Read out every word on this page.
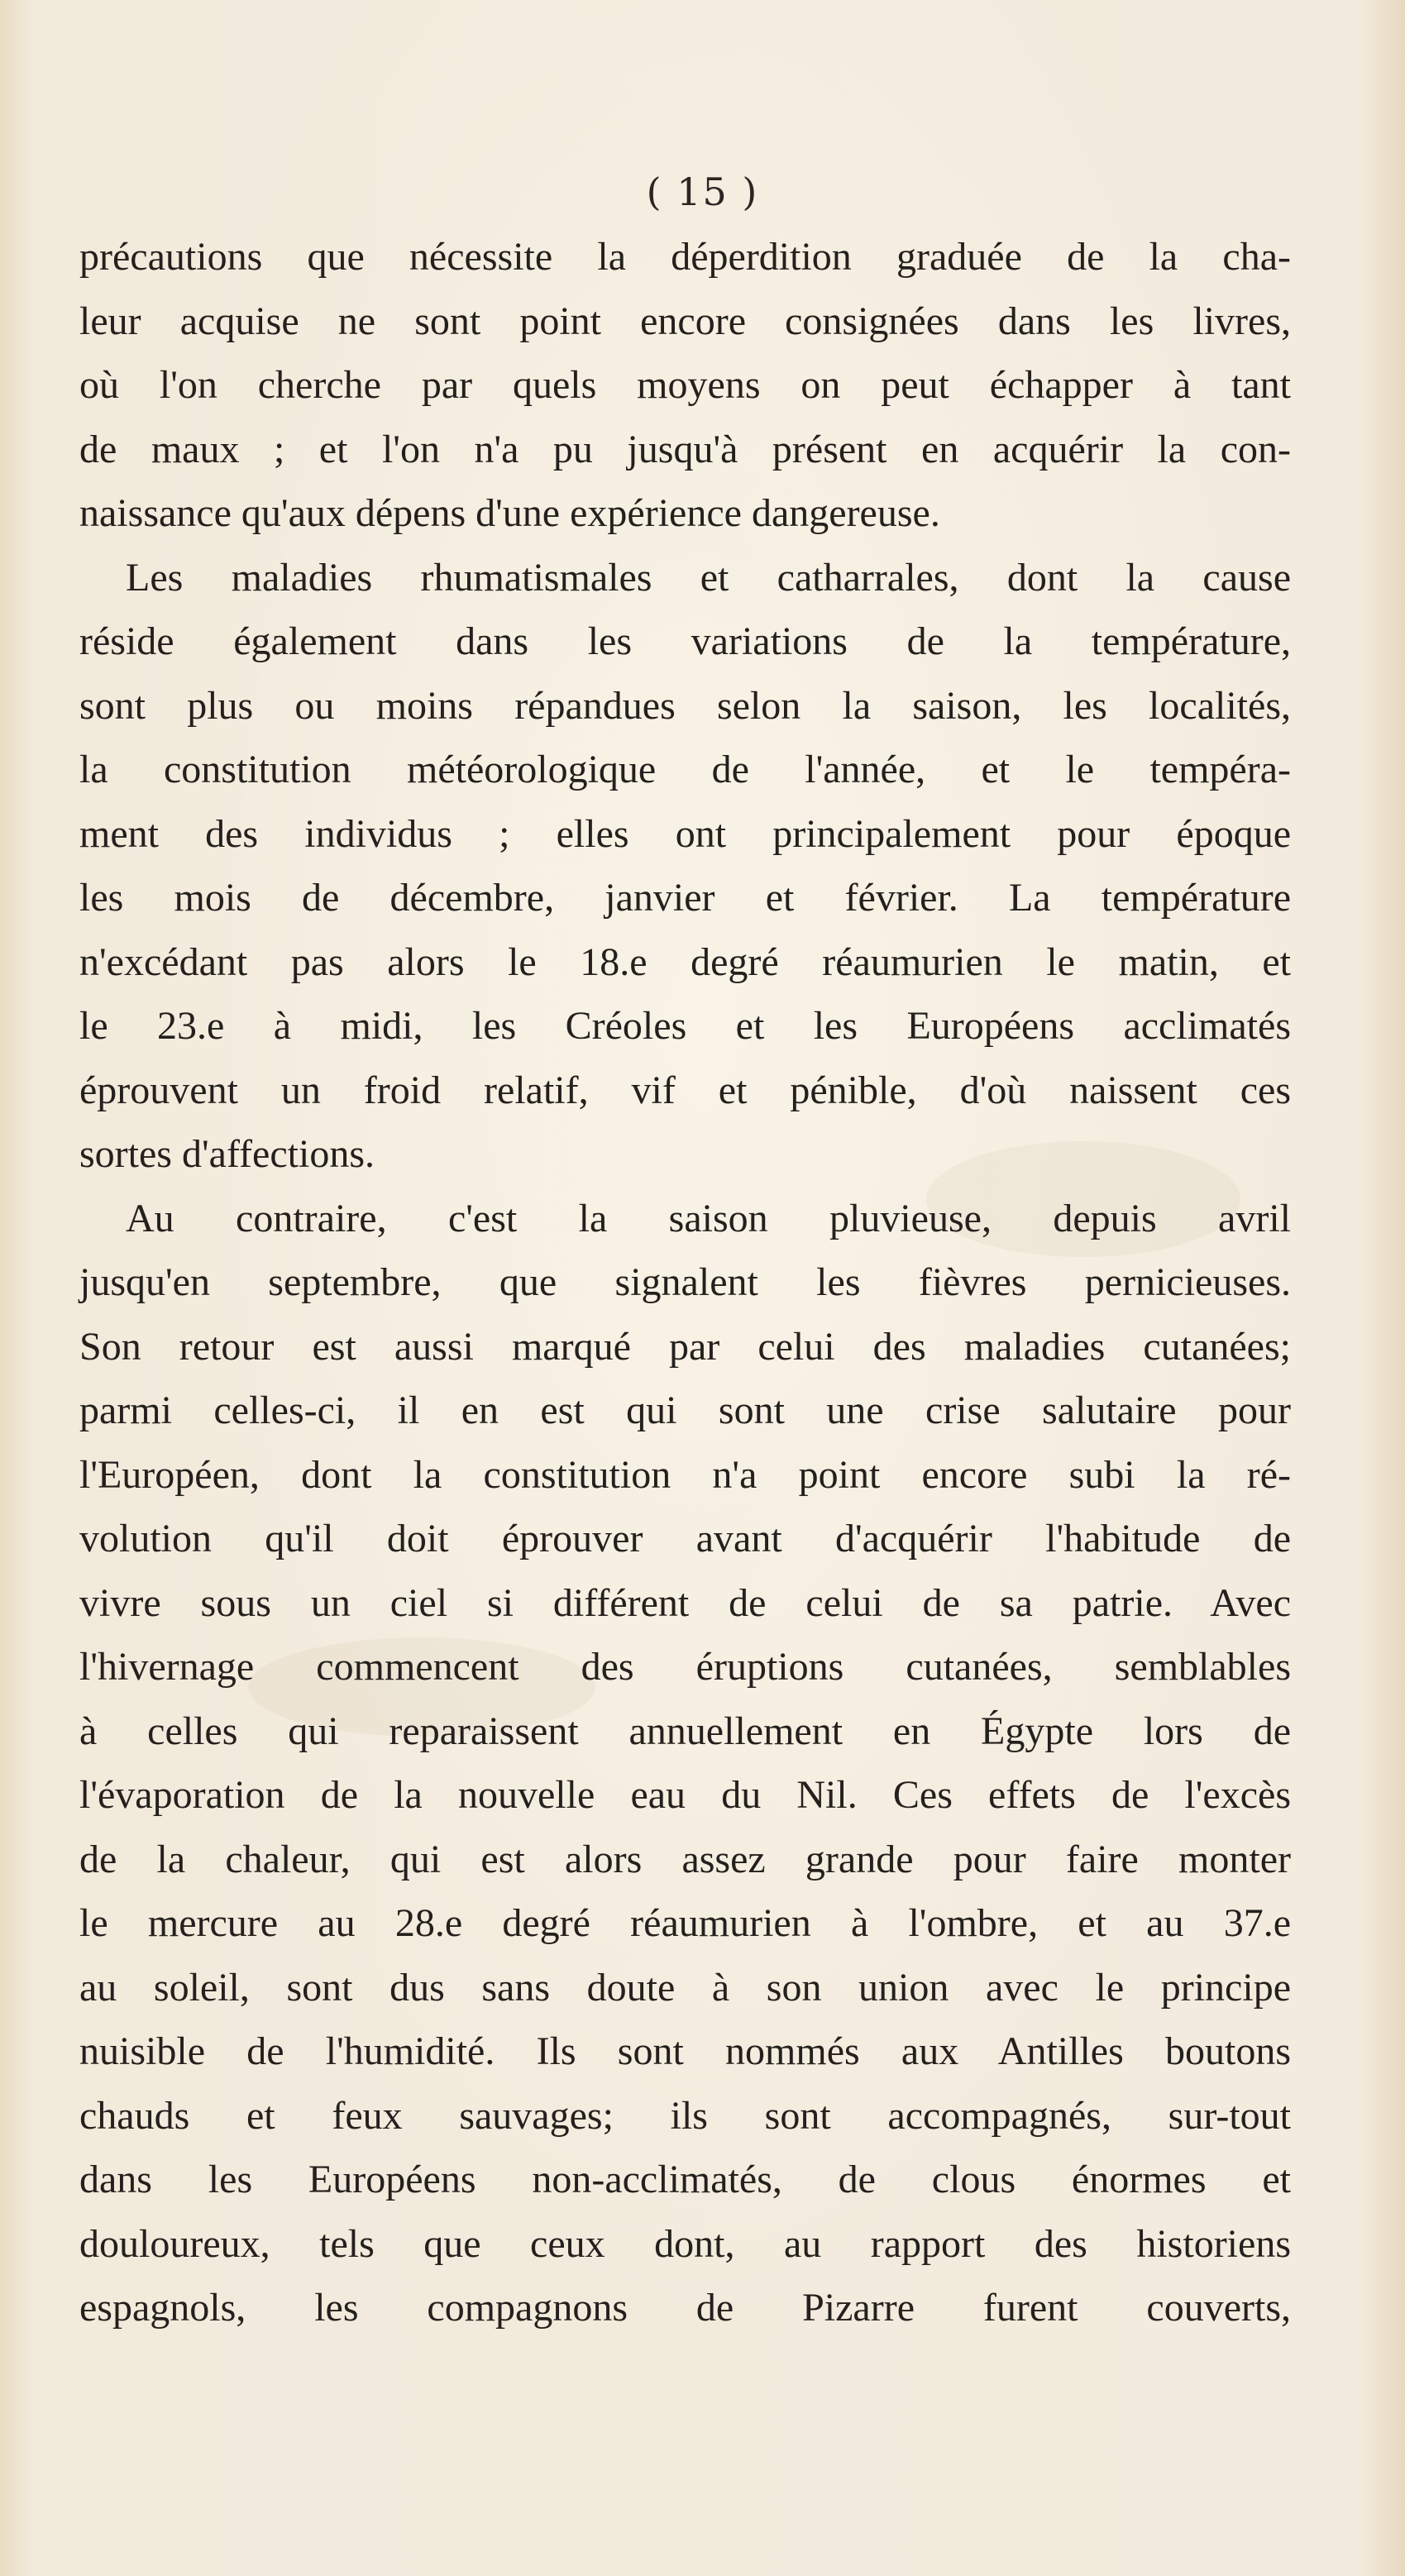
( 15 )
précautions que nécessite la déperdition graduée de la cha-
leur acquise ne sont point encore consignées dans les livres,
où l'on cherche par quels moyens on peut échapper à tant
de maux ; et l'on n'a pu jusqu'à présent en acquérir la con-
naissance qu'aux dépens d'une expérience dangereuse.
Les maladies rhumatismales et catharrales, dont la cause
réside également dans les variations de la température,
sont plus ou moins répandues selon la saison, les localités,
la constitution météorologique de l'année, et le tempéra-
ment des individus ; elles ont principalement pour époque
les mois de décembre, janvier et février. La température
n'excédant pas alors le 18.e degré réaumurien le matin, et
le 23.e à midi, les Créoles et les Européens acclimatés
éprouvent un froid relatif, vif et pénible, d'où naissent ces
sortes d'affections.
Au contraire, c'est la saison pluvieuse, depuis avril
jusqu'en septembre, que signalent les fièvres pernicieuses.
Son retour est aussi marqué par celui des maladies cutanées;
parmi celles-ci, il en est qui sont une crise salutaire pour
l'Européen, dont la constitution n'a point encore subi la ré-
volution qu'il doit éprouver avant d'acquérir l'habitude de
vivre sous un ciel si différent de celui de sa patrie. Avec
l'hivernage commencent des éruptions cutanées, semblables
à celles qui reparaissent annuellement en Égypte lors de
l'évaporation de la nouvelle eau du Nil. Ces effets de l'excès
de la chaleur, qui est alors assez grande pour faire monter
le mercure au 28.e degré réaumurien à l'ombre, et au 37.e
au soleil, sont dus sans doute à son union avec le principe
nuisible de l'humidité. Ils sont nommés aux Antilles boutons
chauds et feux sauvages; ils sont accompagnés, sur-tout
dans les Européens non-acclimatés, de clous énormes et
douloureux, tels que ceux dont, au rapport des historiens
espagnols, les compagnons de Pizarre furent couverts,
